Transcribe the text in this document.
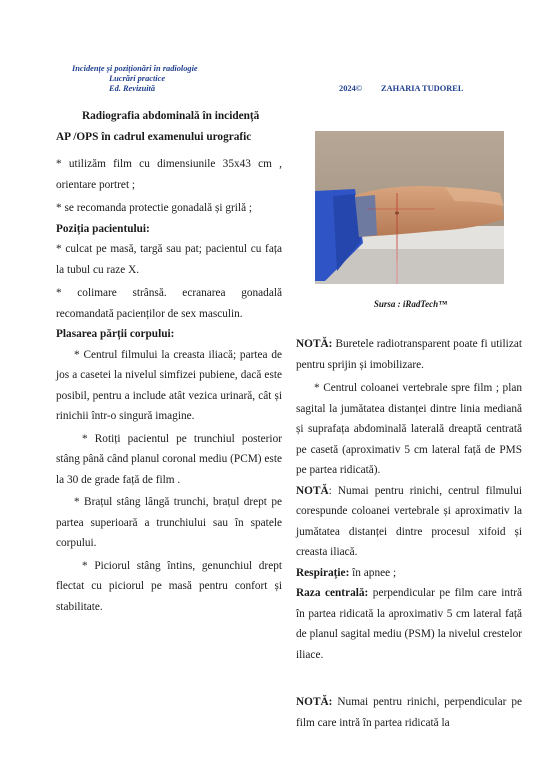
Incidențe și poziționări în radiologie
Lucrări practice
Ed. Revizuită	2024© ZAHARIA TUDOREL

Radiografia abdominală în incidență

AP /OPS în cadrul examenului urografic

* utilizăm film cu dimensiunile 35x43 cm , orientare portret ;

* se recomanda protectie gonadală și grilă ;

Poziția pacientului:

* culcat pe masă, targă sau pat; pacientul cu fața la tubul cu raze X.

* colimare strânsă. ecranarea gonadală recomandată pacienților de sex masculin.

Plasarea părții corpului:

* Centrul filmului la creasta iliacă; partea de jos a casetei la nivelul simfizei pubiene, dacă este posibil, pentru a include atât vezica urinară, cât și rinichii într-o singură imagine.

* Rotiți pacientul pe trunchiul posterior stâng până când planul coronal mediu (PCM) este la 30 de grade față de film .

* Brațul stâng lângă trunchi, brațul drept pe partea superioară a trunchiului sau în spatele corpului.

* Piciorul stâng întins, genunchiul drept flectat cu piciorul pe masă pentru confort și stabilitate.

Sursa : iRadTech™

NOTĂ: Buretele radiotransparent poate fi utilizat pentru sprijin și imobilizare.

* Centrul coloanei vertebrale spre film ; plan sagital la jumătatea distanței dintre linia mediană și suprafața abdominală laterală dreaptă centrată pe casetă (aproximativ 5 cm lateral față de PMS pe partea ridicată).

NOTĂ: Numai pentru rinichi, centrul filmului corespunde coloanei vertebrale și aproximativ la jumătatea distanței dintre procesul xifoid și creasta iliacă.

Respirație: în apnee ;

Raza centrală: perpendicular pe film care intră în partea ridicată la aproximativ 5 cm lateral față de planul sagital mediu (PSM) la nivelul crestelor iliace.

NOTĂ: Numai pentru rinichi, perpendicular pe film care intră în partea ridicată la
